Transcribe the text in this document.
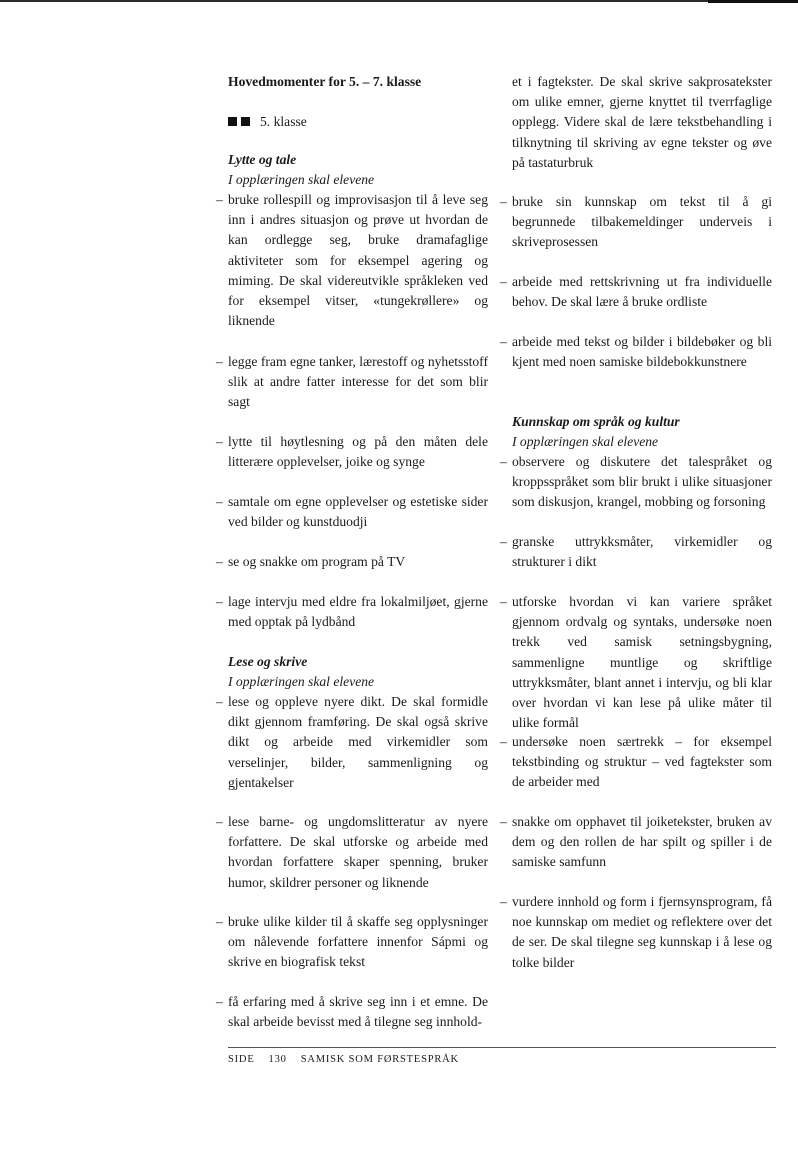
Hovedmomenter for 5. – 7. klasse
5. klasse
Lytte og tale
I opplæringen skal elevene
– bruke rollespill og improvisasjon til å leve seg inn i andres situasjon og prøve ut hvordan de kan ordlegge seg, bruke dramafaglige aktiviteter som for eksempel agering og miming. De skal videreutvikle språkleken ved for eksempel vitser, «tungekrøllere» og liknende
– legge fram egne tanker, lærestoff og nyhetsstoff slik at andre fatter interesse for det som blir sagt
– lytte til høytlesning og på den måten dele litterære opplevelser, joike og synge
– samtale om egne opplevelser og estetiske sider ved bilder og kunstduodji
– se og snakke om program på TV
– lage intervju med eldre fra lokalmiljøet, gjerne med opptak på lydbånd
Lese og skrive
I opplæringen skal elevene
– lese og oppleve nyere dikt. De skal formidle dikt gjennom framføring. De skal også skrive dikt og arbeide med virkemidler som verselinjer, bilder, sammenligning og gjentakelser
– lese barne- og ungdomslitteratur av nyere forfattere. De skal utforske og arbeide med hvordan forfattere skaper spenning, bruker humor, skildrer personer og liknende
– bruke ulike kilder til å skaffe seg opplysninger om nålevende forfattere innenfor Sápmi og skrive en biografisk tekst
– få erfaring med å skrive seg inn i et emne. De skal arbeide bevisst med å tilegne seg innhold-
et i fagtekster. De skal skrive sakprosatekster om ulike emner, gjerne knyttet til tverrfaglige opplegg. Videre skal de lære tekstbehandling i tilknytning til skriving av egne tekster og øve på tastaturbruk
– bruke sin kunnskap om tekst til å gi begrunnede tilbakemeldinger underveis i skriveprosessen
– arbeide med rettskrivning ut fra individuelle behov. De skal lære å bruke ordliste
– arbeide med tekst og bilder i bildebøker og bli kjent med noen samiske bildebokkunstnere
Kunnskap om språk og kultur
I opplæringen skal elevene
– observere og diskutere det talespråket og kroppsspråket som blir brukt i ulike situasjoner som diskusjon, krangel, mobbing og forsoning
– granske uttrykksmåter, virkemidler og strukturer i dikt
– utforske hvordan vi kan variere språket gjennom ordvalg og syntaks, undersøke noen trekk ved samisk setningsbygning, sammenligne muntlige og skriftlige uttrykksmåter, blant annet i intervju, og bli klar over hvordan vi kan lese på ulike måter til ulike formål
– undersøke noen særtrekk – for eksempel tekstbinding og struktur – ved fagtekster som de arbeider med
– snakke om opphavet til joiketekster, bruken av dem og den rollen de har spilt og spiller i de samiske samfunn
– vurdere innhold og form i fjernsynsprogram, få noe kunnskap om mediet og reflektere over det de ser. De skal tilegne seg kunnskap i å lese og tolke bilder
SIDE 130 SAMISK SOM FØRSTESPRÅK
